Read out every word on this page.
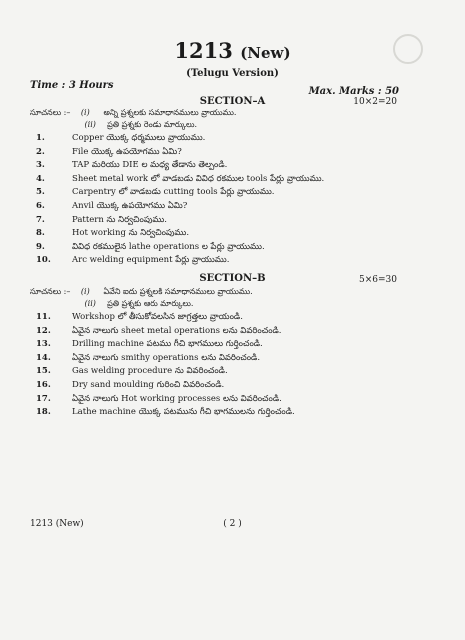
1213 (New)
(Telugu Version)
Time : 3 Hours
Max. Marks : 50
SECTION–A	10×2=20
సూచనలు :– (i) అన్ని ప్రశ్నలకు సమాధానములు వ్రాయుము.
(ii) ప్రతి ప్రశ్నకు రెండు మార్కులు.
1.	Copper యొక్క ధర్మములు వ్రాయుము.
2.	File యొక్క ఉపయోగము ఏమి?
3.	TAP మరియు DIE ల మధ్య తేడాను తెల్పండి.
4.	Sheet metal work లో వాడబడు వివిధ రకముల tools పేర్లు వ్రాయుము.
5.	Carpentry లో వాడబడు cutting tools పేర్లు వ్రాయుము.
6.	Anvil యొక్క ఉపయోగము ఏమి?
7.	Pattern ను నిర్వచింపుము.
8.	Hot working ను నిర్వచింపుము.
9.	వివిధ రకములైన lathe operations ల పేర్లు వ్రాయుము.
10. Arc welding equipment పేర్లు వ్రాయుము.
SECTION–B	5×6=30
సూచనలు :– (i) ఏవేని ఐదు ప్రశ్నలకి సమాధానములు వ్రాయుము.
(ii) ప్రతి ప్రశ్నకు ఆరు మార్కులు.
11. Workshop లో తీసుకోవలసిన జాగ్రత్తలు వ్రాయండి.
12. ఏవైన నాలుగు sheet metal operations లను వివరించండి.
13. Drilling machine పటము గీచి భాగములు గుర్తించండి.
14. ఏవైన నాలుగు smithy operations లను వివరించండి.
15. Gas welding procedure ను వివరించండి.
16. Dry sand moulding గురించి వివరించండి.
17. ఏవైన నాలుగు Hot working processes లను వివరించండి.
18. Lathe machine యొక్క పటమును గీచి భాగములను గుర్తించండి.
1213 (New)	( 2 )
